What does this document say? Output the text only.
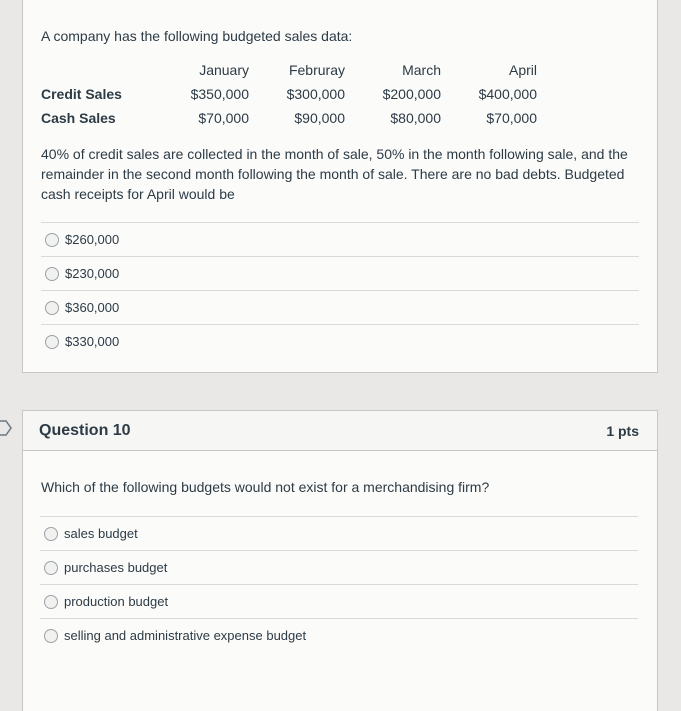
A company has the following budgeted sales data:
	January	Februray	March	April
Credit Sales	$350,000	$300,000	$200,000	$400,000
Cash Sales	$70,000	$90,000	$80,000	$70,000
40% of credit sales are collected in the month of sale, 50% in the month following sale, and the remainder in the second month following the month of sale. There are no bad debts. Budgeted cash receipts for April would be
$260,000
$230,000
$360,000
$330,000
Question 10	1 pts
Which of the following budgets would not exist for a merchandising firm?
sales budget
purchases budget
production budget
selling and administrative expense budget
